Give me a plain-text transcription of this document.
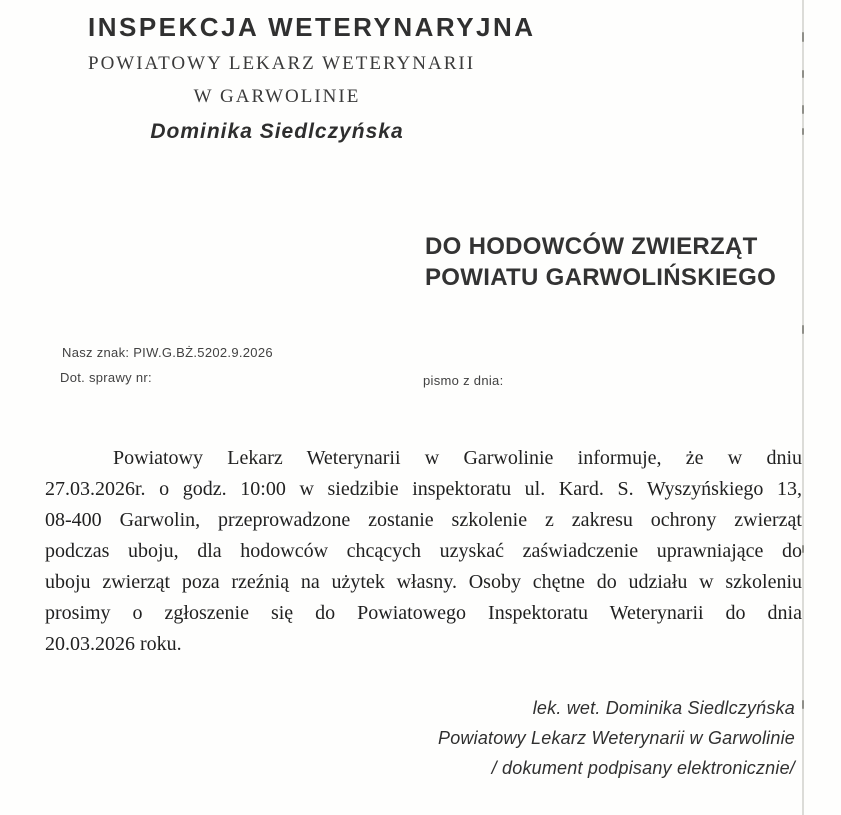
INSPEKCJA WETERYNARYJNA
POWIATOWY LEKARZ WETERYNARII
W GARWOLINIE
Dominika Siedlczyńska
DO HODOWCÓW ZWIERZĄT
POWIATU GARWOLIŃSKIEGO
Nasz znak: PIW.G.BŻ.5202.9.2026
Dot. sprawy nr:	pismo z dnia:
Powiatowy Lekarz Weterynarii w Garwolinie informuje, że w dniu
27.03.2026r. o godz. 10:00 w siedzibie inspektoratu ul. Kard. S. Wyszyńskiego 13,
08-400 Garwolin, przeprowadzone zostanie szkolenie z zakresu ochrony zwierząt
podczas uboju, dla hodowców chcących uzyskać zaświadczenie uprawniające do
uboju zwierząt poza rzeźnią na użytek własny. Osoby chętne do udziału w szkoleniu
prosimy o zgłoszenie się do Powiatowego Inspektoratu Weterynarii do dnia
20.03.2026 roku.
lek. wet. Dominika Siedlczyńska
Powiatowy Lekarz Weterynarii w Garwolinie
/ dokument podpisany elektronicznie/
